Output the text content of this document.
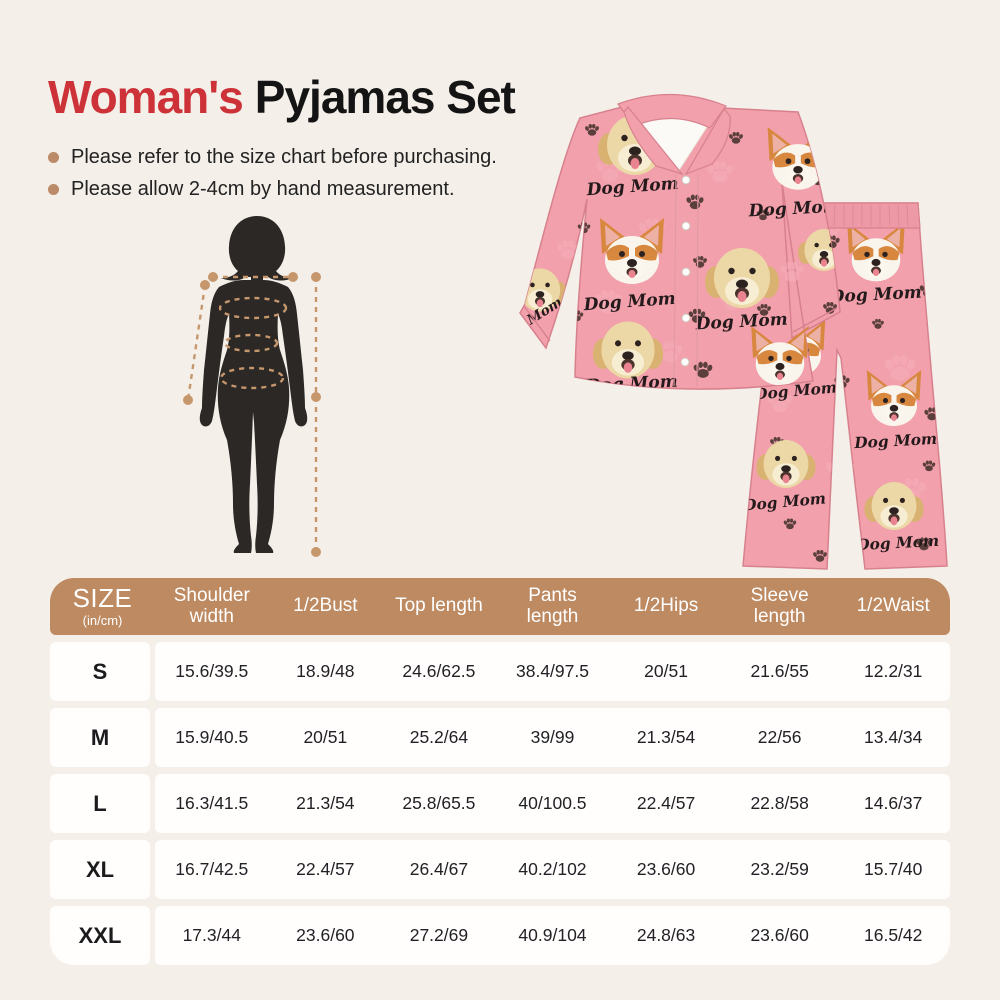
Woman's Pyjamas Set
Please refer to the size chart before purchasing.
Please allow 2-4cm by hand measurement.
Dog Mom
SIZE
(in/cm)
Shoulder width	1/2Bust	Top length	Pants length	1/2Hips	Sleeve length	1/2Waist
S	15.6/39.5	18.9/48	24.6/62.5	38.4/97.5	20/51	21.6/55	12.2/31
M	15.9/40.5	20/51	25.2/64	39/99	21.3/54	22/56	13.4/34
L	16.3/41.5	21.3/54	25.8/65.5	40/100.5	22.4/57	22.8/58	14.6/37
XL	16.7/42.5	22.4/57	26.4/67	40.2/102	23.6/60	23.2/59	15.7/40
XXL	17.3/44	23.6/60	27.2/69	40.9/104	24.8/63	23.6/60	16.5/42
